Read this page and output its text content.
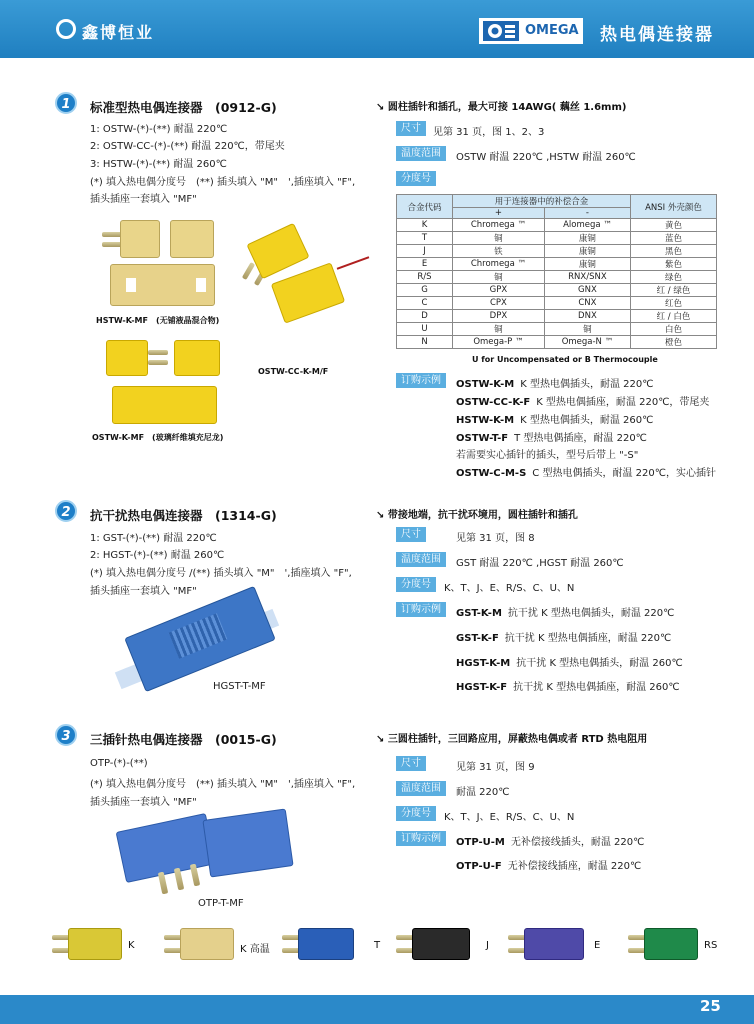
鑫博恒业	OMEGA 热电偶连接器
1	标准型热电偶连接器　(0912-G)
1: OSTW-(*)-(**) 耐温 220℃
2: OSTW-CC-(*)-(**) 耐温 220℃，带尾夹
3: HSTW-(*)-(**) 耐温 260℃
(*) 填入热电偶分度号　(**) 插头填入 "M"　',插座填入 "F",
插头插座一套填入 "MF"
HSTW-K-MF　(无铺液晶混合物)
OSTW-CC-K-M/F
OSTW-K-MF　(玻璃纤维填充尼龙)
↘ 圆柱插针和插孔，最大可接 14AWG( 藕丝 1.6mm)
尺寸	见第 31 页，图 1、2、3
温度范围	OSTW 耐温 220℃ ,HSTW 耐温 260℃
分度号
合金代码	用于连接器中的补偿合金		ANSI 外壳颜色
	+	-	
K	Chromega ™	Alomega ™	黄色
T	铜	康铜	蓝色
J	铁	康铜	黑色
E	Chromega ™	康铜	紫色
R/S	铜	RNX/SNX	绿色
G	GPX	GNX	红 / 绿色
C	CPX	CNX	红色
D	DPX	DNX	红 / 白色
U	铜	铜	白色
N	Omega-P ™	Omega-N ™	橙色
U for Uncompensated or B Thermocouple
订购示例	OSTW-K-M K 型热电偶插头，耐温 220℃
OSTW-CC-K-F K 型热电偶插座，耐温 220℃，带尾夹
HSTW-K-M K 型热电偶插头，耐温 260℃
OSTW-T-F T 型热电偶插座，耐温 220℃
若需要实心插针的插头，型号后带上 "-S"
OSTW-C-M-S C 型热电偶插头，耐温 220℃，实心插针
2	抗干扰热电偶连接器　(1314-G)
1: GST-(*)-(**) 耐温 220℃
2: HGST-(*)-(**) 耐温 260℃
(*) 填入热电偶分度号 /(**) 插头填入 "M"　',插座填入 "F",
插头插座一套填入 "MF"
HGST-T-MF
↘ 带接地端，抗干扰环境用，圆柱插针和插孔
尺寸	见第 31 页，图 8
温度范围	GST 耐温 220℃ ,HGST 耐温 260℃
分度号	K、T、J、E、R/S、C、U、N
订购示例	GST-K-M 抗干扰 K 型热电偶插头，耐温 220℃
GST-K-F 抗干扰 K 型热电偶插座，耐温 220℃
HGST-K-M 抗干扰 K 型热电偶插头，耐温 260℃
HGST-K-F 抗干扰 K 型热电偶插座，耐温 260℃
3	三插针热电偶连接器　(0015-G)
OTP-(*)-(**)
(*) 填入热电偶分度号　(**) 插头填入 "M"　',插座填入 "F",
插头插座一套填入 "MF"
OTP-T-MF
↘ 三圆柱插针，三回路应用，屏蔽热电偶或者 RTD 热电阻用
尺寸	见第 31 页，图 9
温度范围	耐温 220℃
分度号	K、T、J、E、R/S、C、U、N
订购示例	OTP-U-M 无补偿接线插头，耐温 220℃
OTP-U-F 无补偿接线插座，耐温 220℃
K	K 高温	T	J	E	RS
25
